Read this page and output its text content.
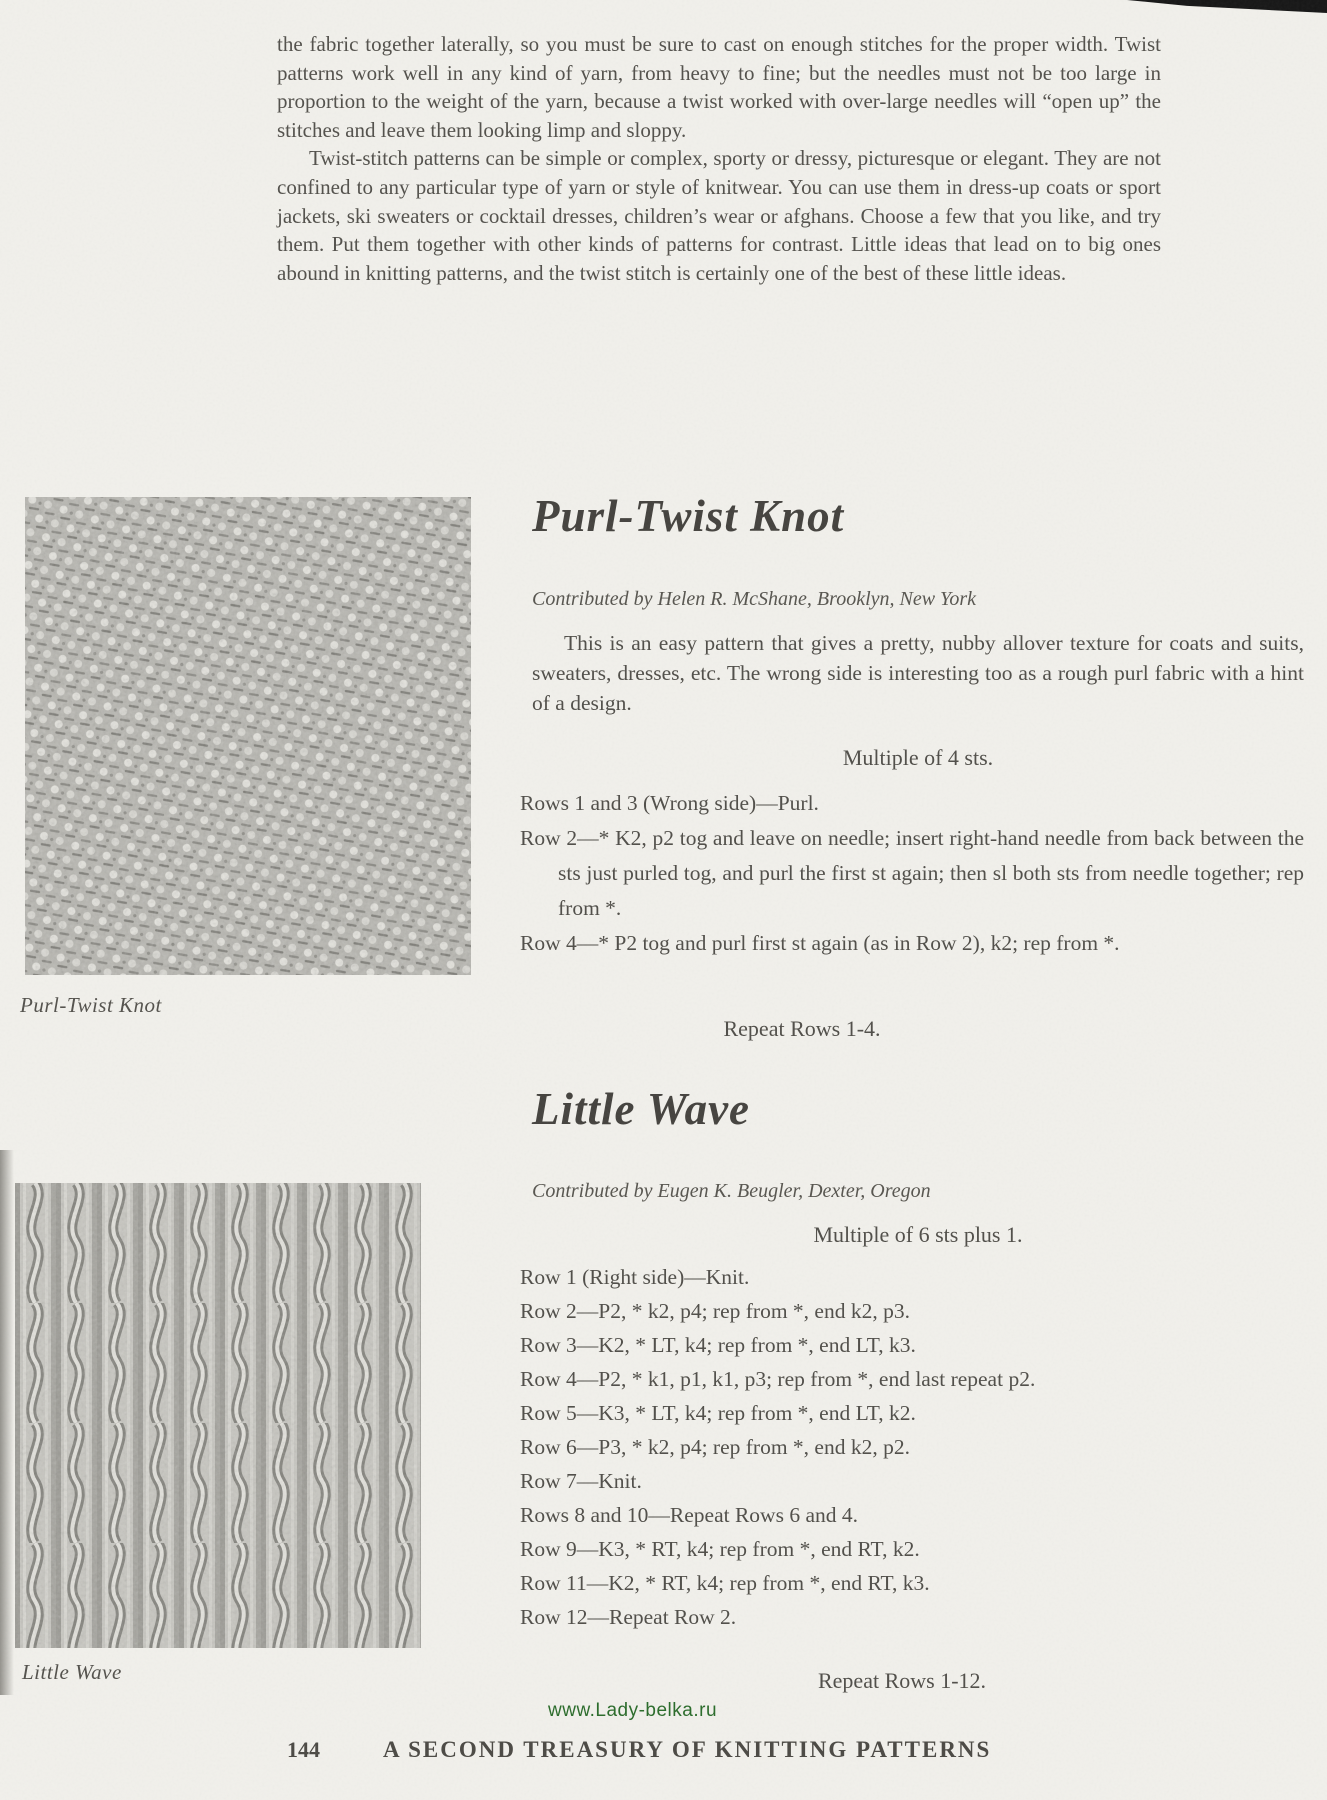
the fabric together laterally, so you must be sure to cast on enough stitches for the proper width. Twist patterns work well in any kind of yarn, from heavy to fine; but the needles must not be too large in proportion to the weight of the yarn, because a twist worked with over-large needles will “open up” the stitches and leave them looking limp and sloppy.

Twist-stitch patterns can be simple or complex, sporty or dressy, picturesque or elegant. They are not confined to any particular type of yarn or style of knitwear. You can use them in dress-up coats or sport jackets, ski sweaters or cocktail dresses, children’s wear or afghans. Choose a few that you like, and try them. Put them together with other kinds of patterns for contrast. Little ideas that lead on to big ones abound in knitting patterns, and the twist stitch is certainly one of the best of these little ideas.

Purl-Twist Knot
Purl-Twist Knot
Contributed by Helen R. McShane, Brooklyn, New York

This is an easy pattern that gives a pretty, nubby allover texture for coats and suits, sweaters, dresses, etc. The wrong side is interesting too as a rough purl fabric with a hint of a design.

Multiple of 4 sts.

Rows 1 and 3 (Wrong side)—Purl.

Row 2—* K2, p2 tog and leave on needle; insert right-hand needle from back between the sts just purled tog, and purl the first st again; then sl both sts from needle together; rep from *.

Row 4—* P2 tog and purl first st again (as in Row 2), k2; rep from *.

Repeat Rows 1-4.
Little Wave
Contributed by Eugen K. Beugler, Dexter, Oregon
Multiple of 6 sts plus 1.

Row 1 (Right side)—Knit.

Row 2—P2, * k2, p4; rep from *, end k2, p3.

Row 3—K2, * LT, k4; rep from *, end LT, k3.

Row 4—P2, * k1, p1, k1, p3; rep from *, end last repeat p2.

Row 5—K3, * LT, k4; rep from *, end LT, k2.

Row 6—P3, * k2, p4; rep from *, end k2, p2.

Row 7—Knit.

Rows 8 and 10—Repeat Rows 6 and 4.

Row 9—K3, * RT, k4; rep from *, end RT, k2.

Row 11—K2, * RT, k4; rep from *, end RT, k3.

Row 12—Repeat Row 2.

Repeat Rows 1-12.
Little Wave
www.Lady-belka.ru
144	A SECOND TREASURY OF KNITTING PATTERNS
